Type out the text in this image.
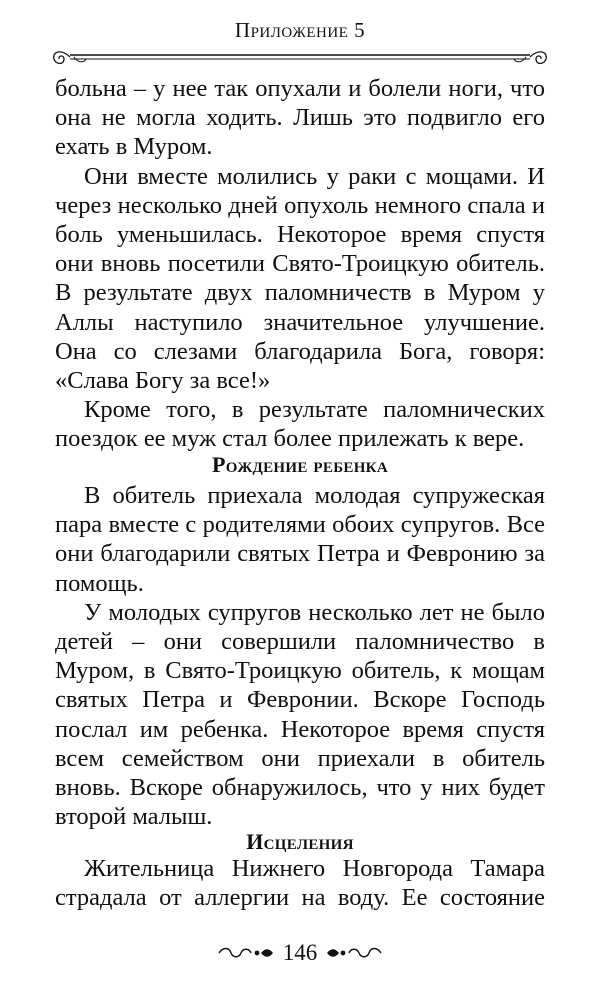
Приложение 5

больна – у нее так опухали и болели ноги, что она не могла ходить. Лишь это подвигло его ехать в Муром.

Они вместе молились у раки с мощами. И через несколько дней опухоль немного спала и боль уменьшилась. Некоторое время спустя они вновь посетили Свято-Троицкую обитель. В результате двух паломничеств в Муром у Аллы наступило значительное улучшение. Она со слезами благодарила Бога, говоря: «Слава Богу за все!»

Кроме того, в результате паломнических поездок ее муж стал более прилежать к вере.

Рождение ребенка

В обитель приехала молодая супружеская пара вместе с родителями обоих супругов. Все они благодарили святых Петра и Февронию за помощь.

У молодых супругов несколько лет не было детей – они совершили паломничество в Муром, в Свято-Троицкую обитель, к мощам святых Петра и Февронии. Вскоре Господь послал им ребенка. Некоторое время спустя всем семейством они приехали в обитель вновь. Вскоре обнаружилось, что у них будет второй малыш.

Исцеления

Жительница Нижнего Новгорода Тамара страдала от аллергии на воду. Ее состояние

146
